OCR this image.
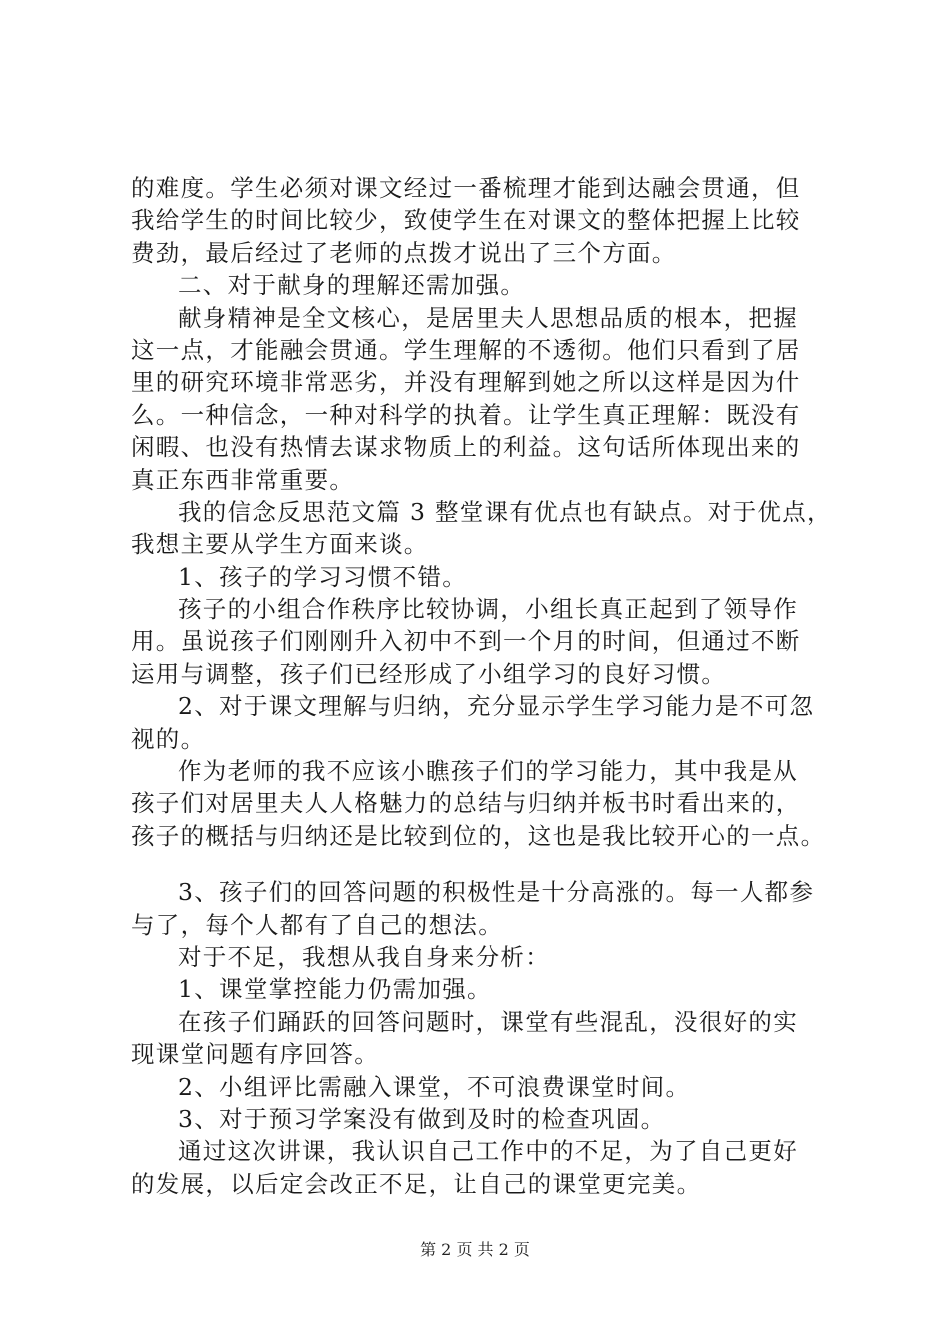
的难度。学生必须对课文经过一番梳理才能到达融会贯通，但
我给学生的时间比较少，致使学生在对课文的整体把握上比较
费劲，最后经过了老师的点拨才说出了三个方面。
二、对于献身的理解还需加强。
献身精神是全文核心，是居里夫人思想品质的根本，把握
这一点，才能融会贯通。学生理解的不透彻。他们只看到了居
里的研究环境非常恶劣，并没有理解到她之所以这样是因为什
么。一种信念，一种对科学的执着。让学生真正理解：既没有
闲暇、也没有热情去谋求物质上的利益。这句话所体现出来的
真正东西非常重要。
我的信念反思范文篇 3 整堂课有优点也有缺点。对于优点，
我想主要从学生方面来谈。
1、孩子的学习习惯不错。
孩子的小组合作秩序比较协调，小组长真正起到了领导作
用。虽说孩子们刚刚升入初中不到一个月的时间，但通过不断
运用与调整，孩子们已经形成了小组学习的良好习惯。
2、对于课文理解与归纳，充分显示学生学习能力是不可忽
视的。
作为老师的我不应该小瞧孩子们的学习能力，其中我是从
孩子们对居里夫人人格魅力的总结与归纳并板书时看出来的，
孩子的概括与归纳还是比较到位的，这也是我比较开心的一点。
3、孩子们的回答问题的积极性是十分高涨的。每一人都参
与了，每个人都有了自己的想法。
对于不足，我想从我自身来分析：
1、课堂掌控能力仍需加强。
在孩子们踊跃的回答问题时，课堂有些混乱，没很好的实
现课堂问题有序回答。
2、小组评比需融入课堂，不可浪费课堂时间。
3、对于预习学案没有做到及时的检查巩固。
通过这次讲课，我认识自己工作中的不足，为了自己更好
的发展，以后定会改正不足，让自己的课堂更完美。
第 2 页 共 2 页
